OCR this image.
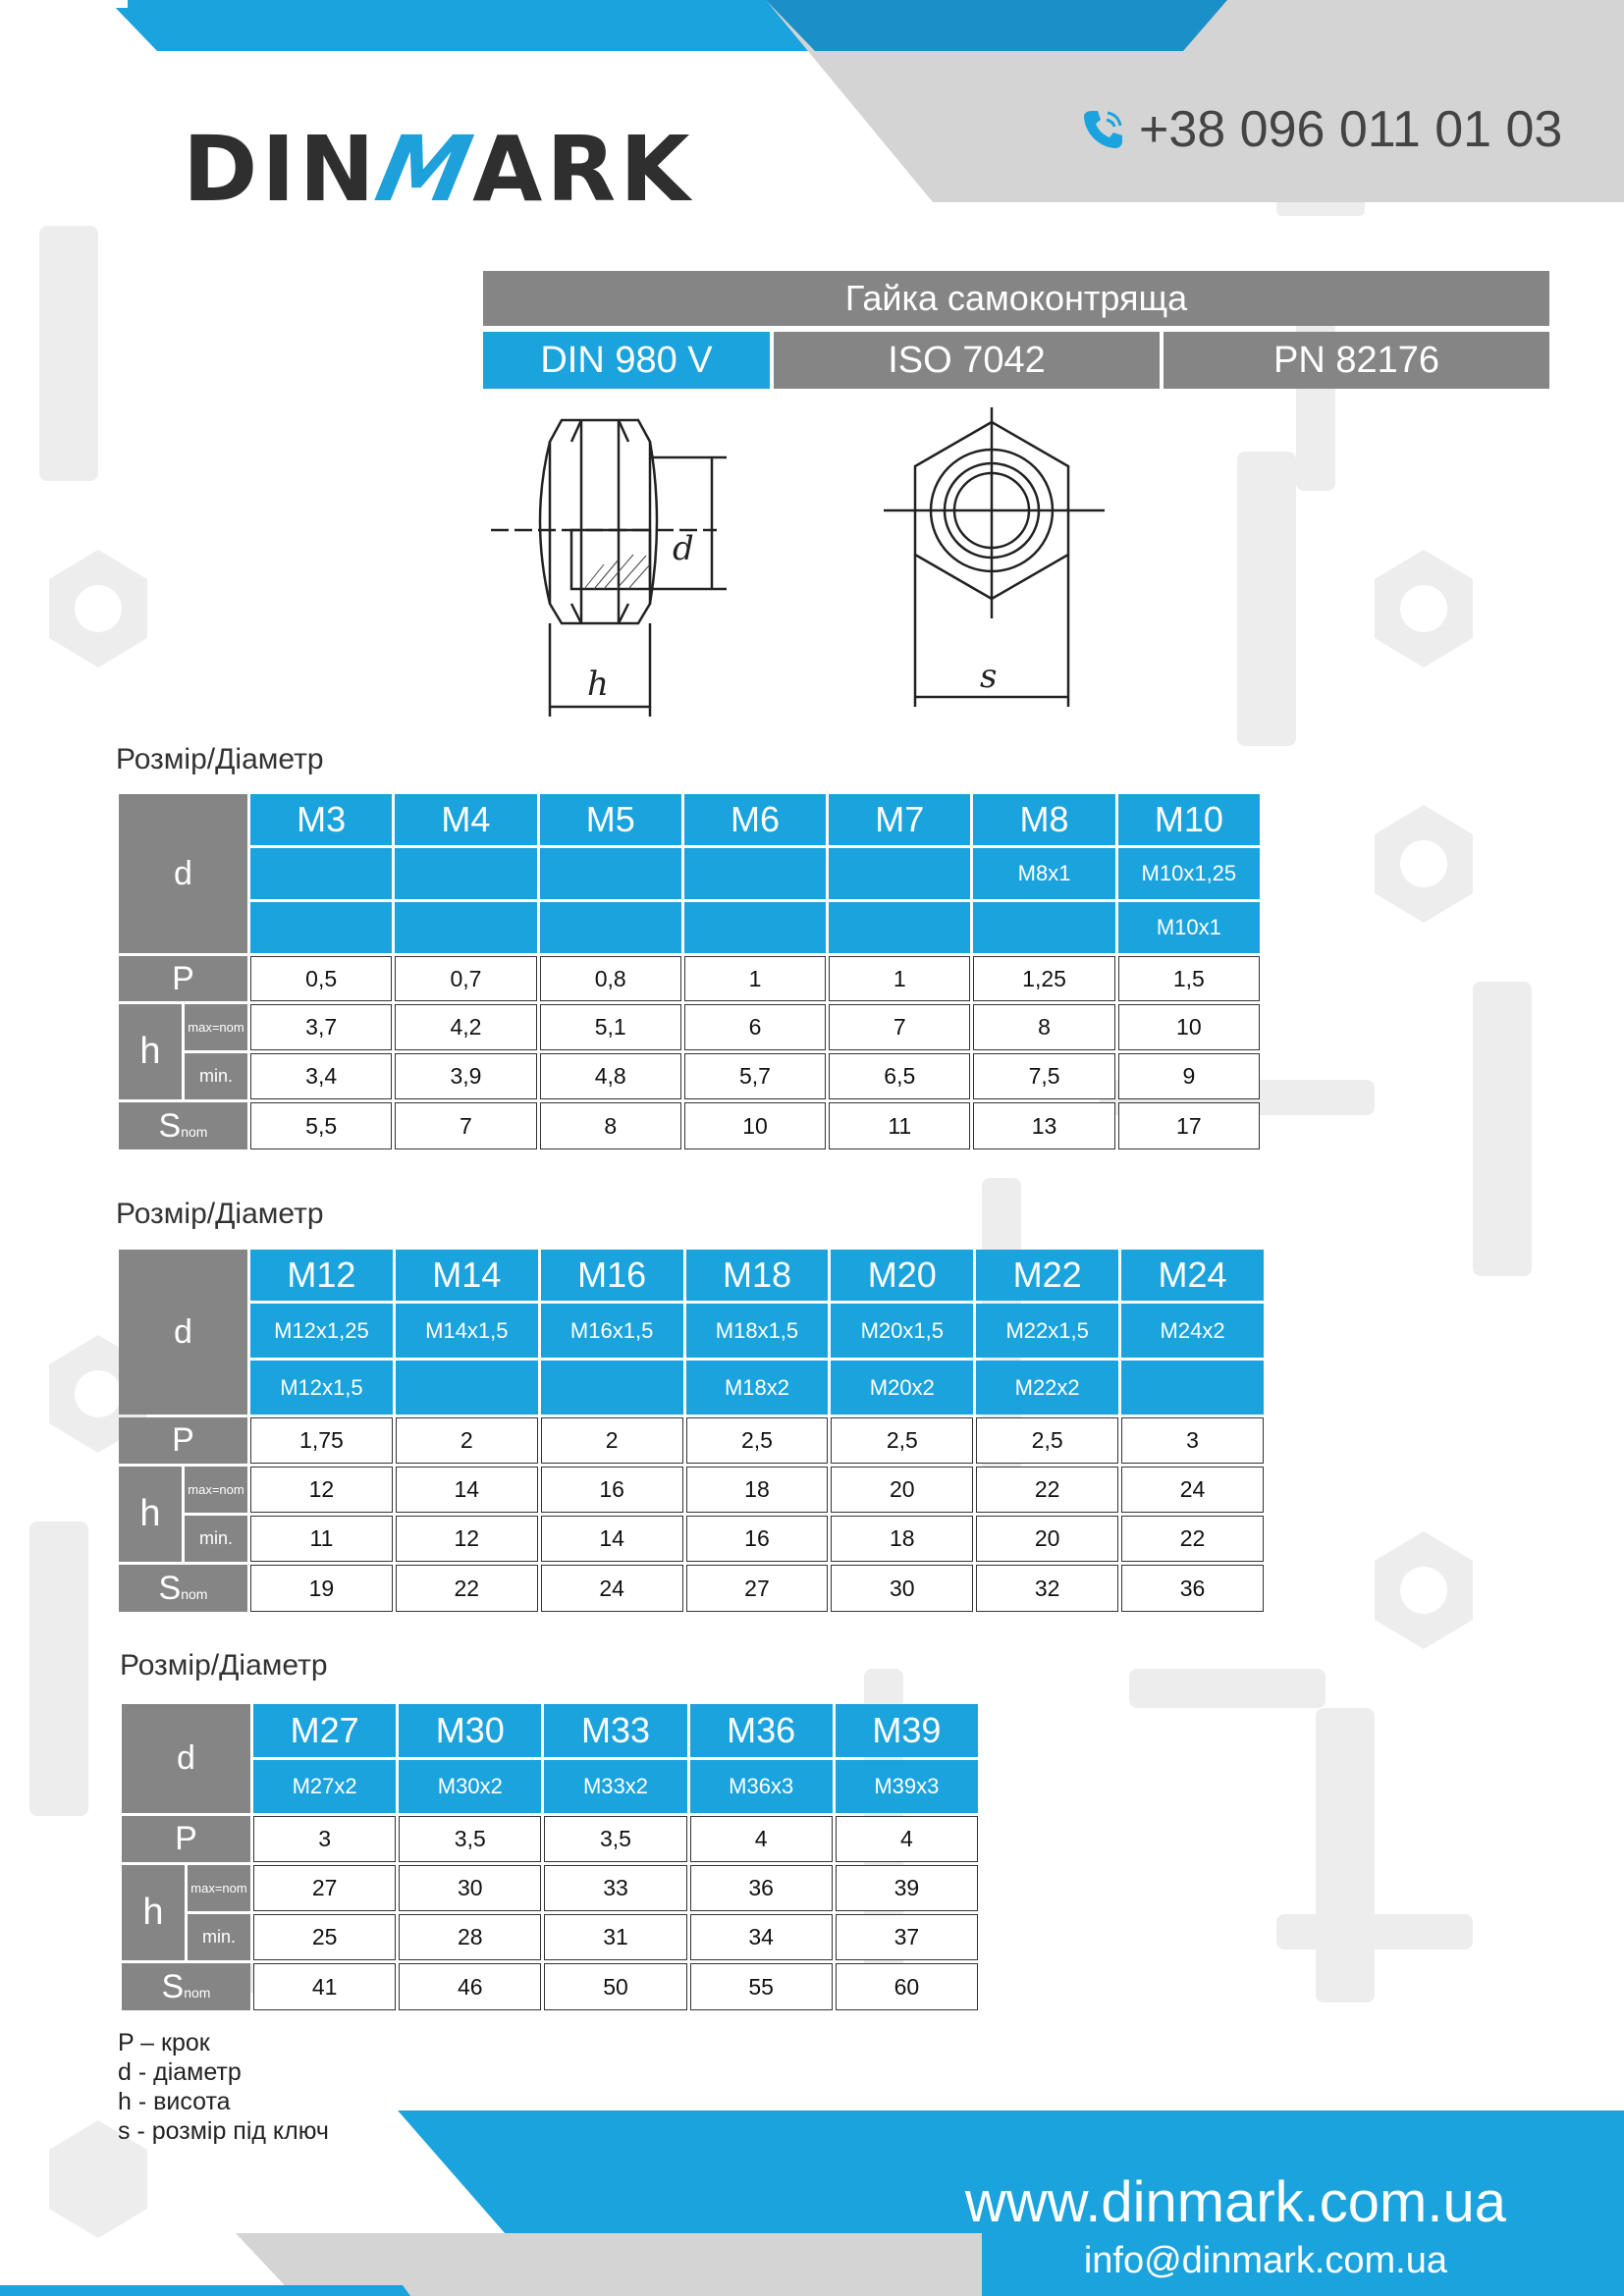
DIN
M
ARK	+38 096 011 01 03
Гайка самоконтряща
DIN 980 V	ISO 7042	PN 82176
d
h	s
Розмір/Діаметр
d		M3	M4	M5	M6	M7	M8	M10
							M8x1	M10x1,25
								M10x1
P		0,5	0,7	0,8	1	1	1,25	1,5
h	max=nom	3,7	4,2	5,1	6	7	8	10
	min.	3,4	3,9	4,8	5,7	6,5	7,5	9
Snom		5,5	7	8	10	11	13	17
Розмір/Діаметр
d		M12	M14	M16	M18	M20	M22	M24
		M12x1,25	M14x1,5	M16x1,5	M18x1,5	M20x1,5	M22x1,5	M24x2
		M12x1,5			M18x2	M20x2	M22x2	
P		1,75	2	2	2,5	2,5	2,5	3
h	max=nom	12	14	16	18	20	22	24
	min.	11	12	14	16	18	20	22
Snom		19	22	24	27	30	32	36
Розмір/Діаметр
d		M27	M30	M33	M36	M39
		M27x2	M30x2	M33x2	M36x3	M39x3
P		3	3,5	3,5	4	4
h	max=nom	27	30	33	36	39
	min.	25	28	31	34	37
Snom		41	46	50	55	60
P – крок
d - діаметр
h - висота
s - розмір під ключ
www.dinmark.com.ua
info@dinmark.com.ua
